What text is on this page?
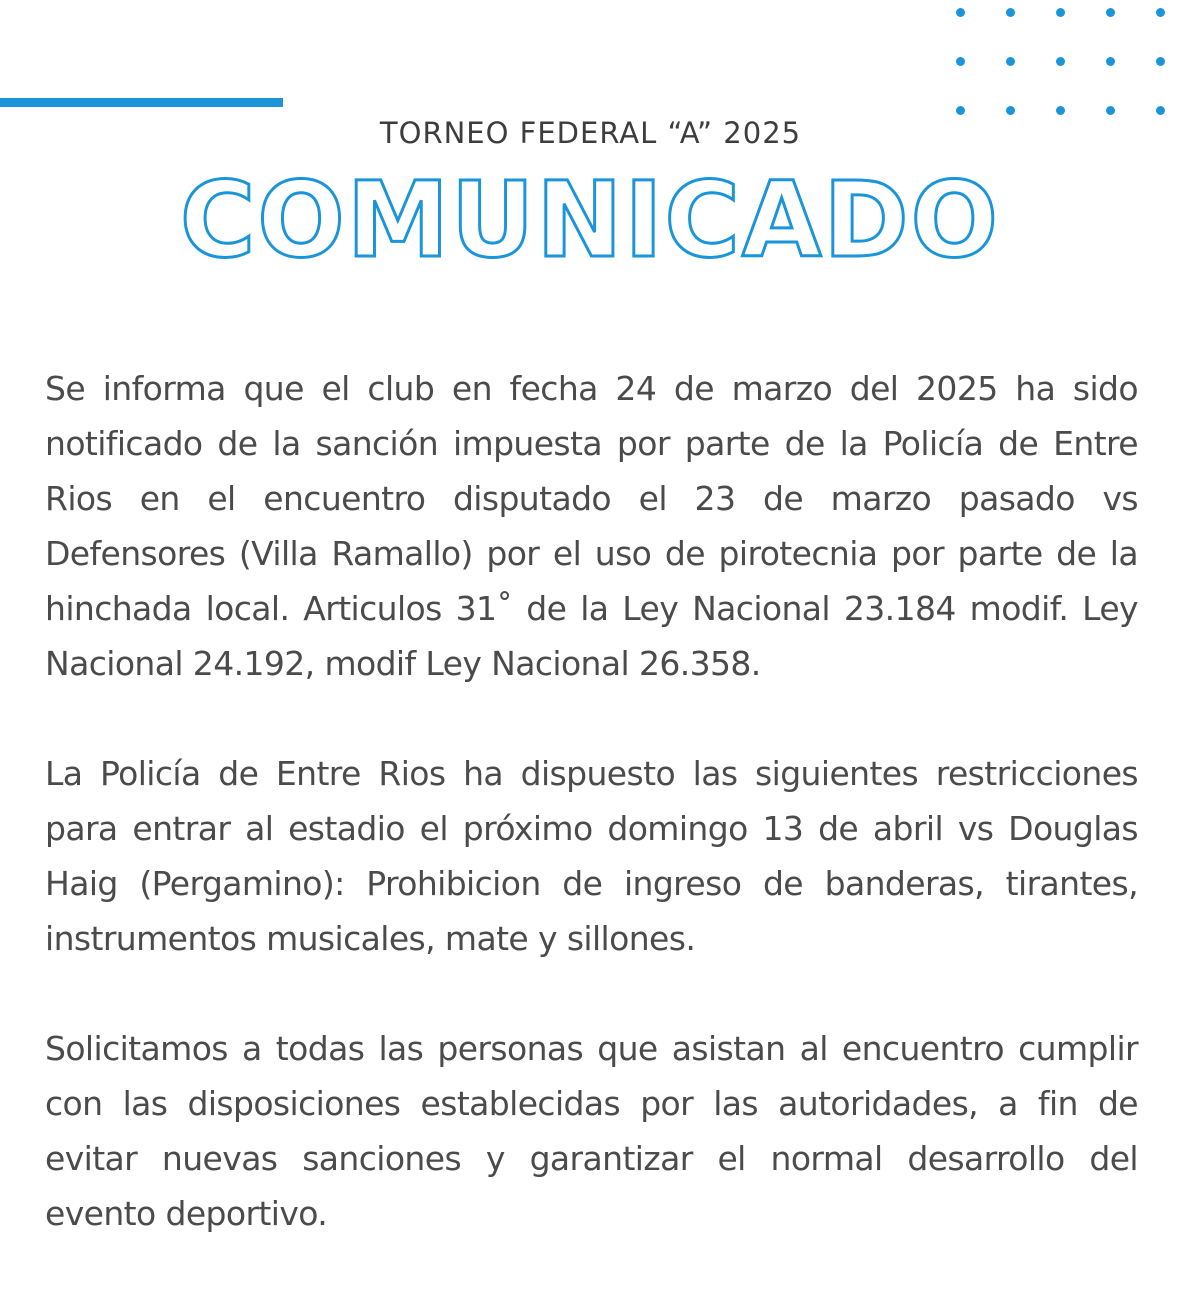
TORNEO FEDERAL “A” 2025
COMUNICADO

Se informa que el club en fecha 24 de marzo del 2025 ha sido notificado de la sanción impuesta por parte de la Policía de Entre Rios en el encuentro disputado el 23 de marzo pasado vs Defensores (Villa Ramallo) por el uso de pirotecnia por parte de la hinchada local. Articulos 31˚ de la Ley Nacional 23.184 modif. Ley Nacional 24.192, modif Ley Nacional 26.358.

La Policía de Entre Rios ha dispuesto las siguientes restricciones para entrar al estadio el próximo domingo 13 de abril vs Douglas Haig (Pergamino): Prohibicion de ingreso de banderas, tirantes, instrumentos musicales, mate y sillones.

Solicitamos a todas las personas que asistan al encuentro cumplir con las disposiciones establecidas por las autoridades, a fin de evitar nuevas sanciones y garantizar el normal desarrollo del evento deportivo.
